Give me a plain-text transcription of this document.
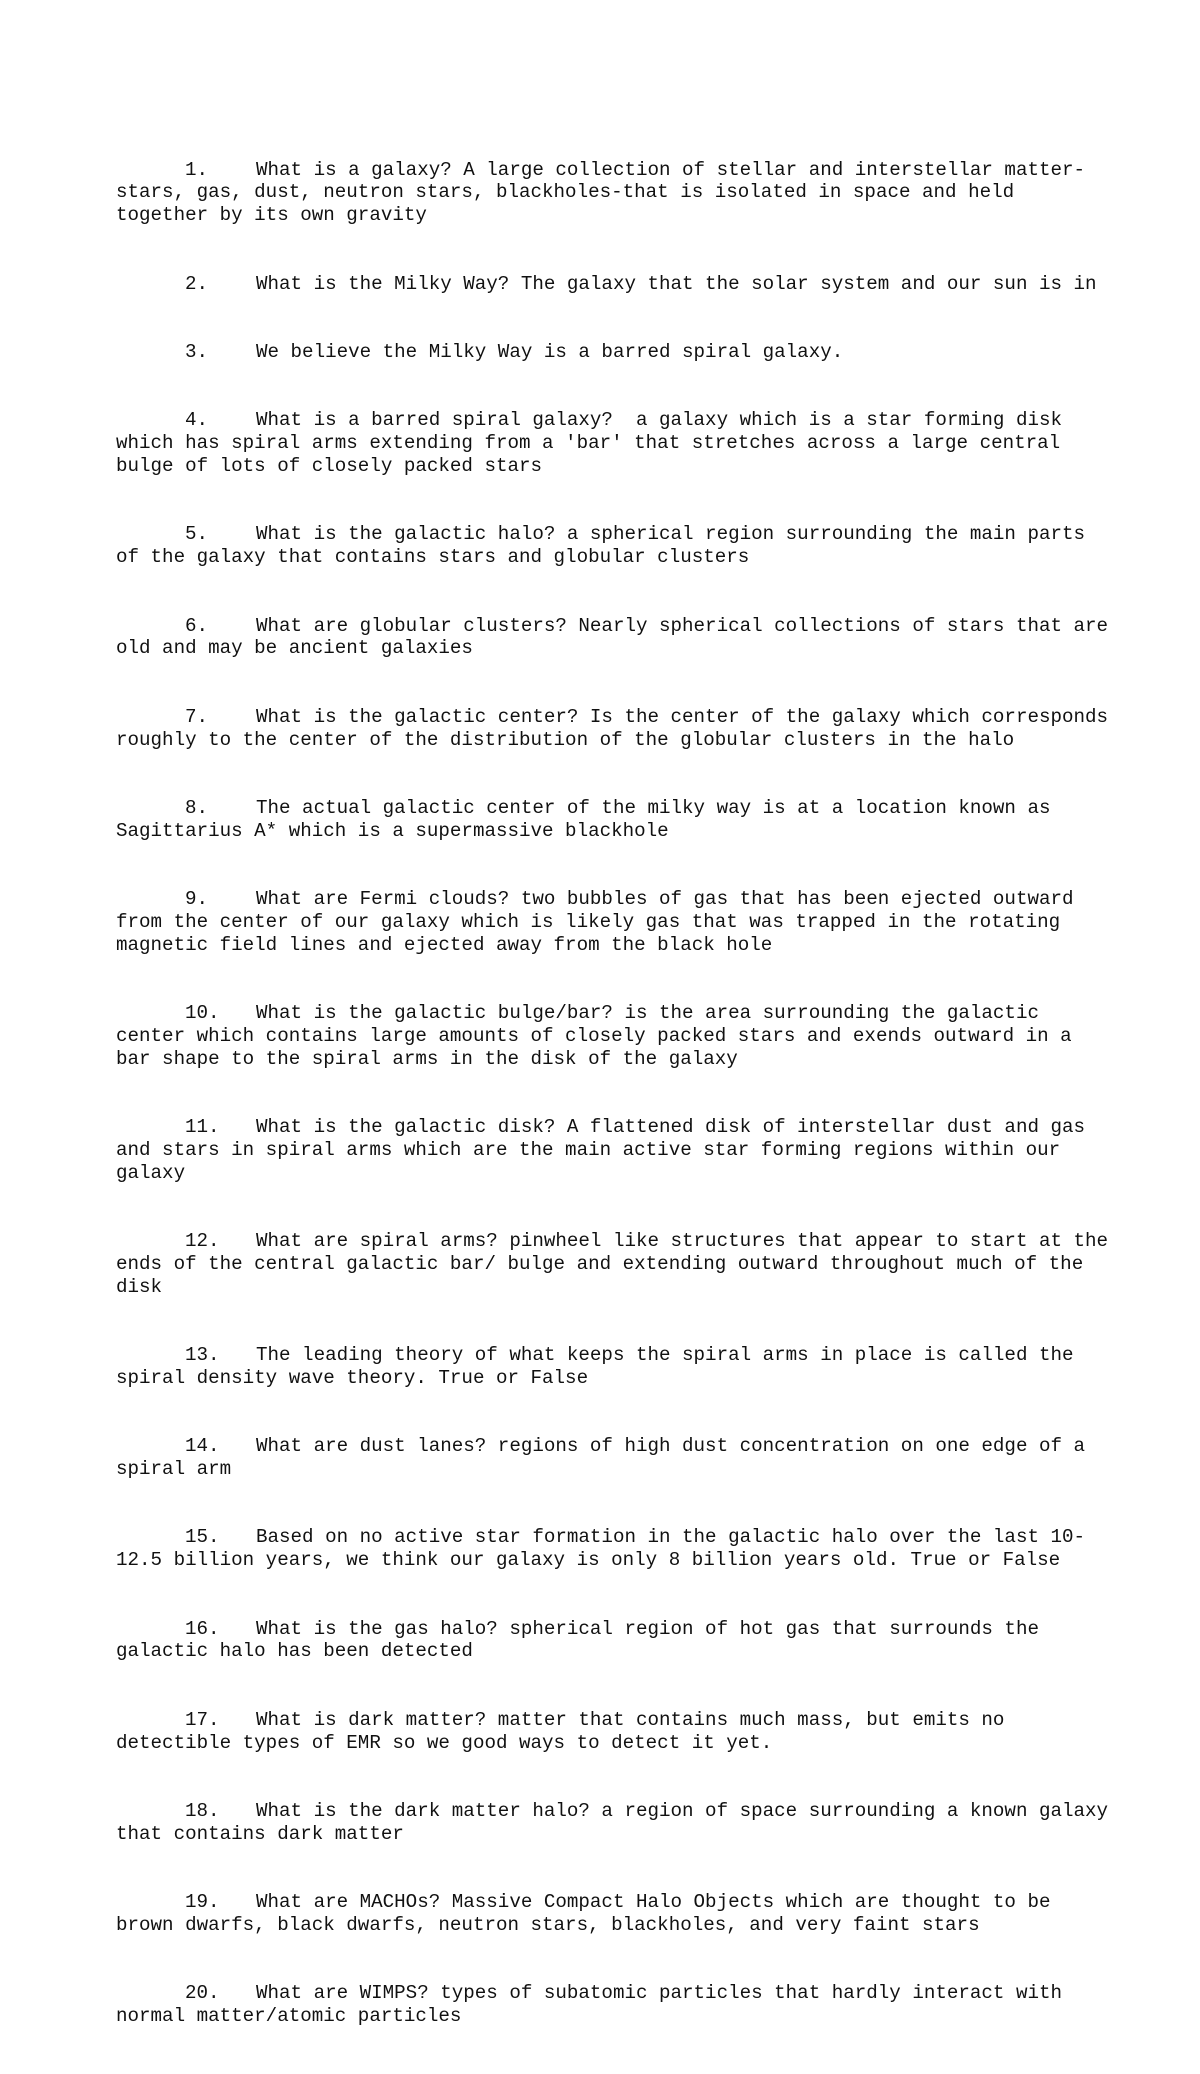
1. What is a galaxy? A large collection of stellar and interstellar matter-stars, gas, dust, neutron stars, blackholes-that is isolated in space and held together by its own gravity

2. What is the Milky Way? The galaxy that the solar system and our sun is in

3. We believe the Milky Way is a barred spiral galaxy.

4. What is a barred spiral galaxy?  a galaxy which is a star forming disk which has spiral arms extending from a 'bar' that stretches across a large central bulge of lots of closely packed stars

5. What is the galactic halo? a spherical region surrounding the main parts of the galaxy that contains stars and globular clusters

6. What are globular clusters? Nearly spherical collections of stars that are old and may be ancient galaxies

7. What is the galactic center? Is the center of the galaxy which corresponds roughly to the center of the distribution of the globular clusters in the halo

8. The actual galactic center of the milky way is at a location known as Sagittarius A* which is a supermassive blackhole

9. What are Fermi clouds? two bubbles of gas that has been ejected outward from the center of our galaxy which is likely gas that was trapped in the rotating magnetic field lines and ejected away from the black hole

10. What is the galactic bulge/bar? is the area surrounding the galactic center which contains large amounts of closely packed stars and exends outward in a bar shape to the spiral arms in the disk of the galaxy

11. What is the galactic disk? A flattened disk of interstellar dust and gas and stars in spiral arms which are the main active star forming regions within our galaxy

12. What are spiral arms? pinwheel like structures that appear to start at the ends of the central galactic bar/ bulge and extending outward throughout much of the disk

13. The leading theory of what keeps the spiral arms in place is called the spiral density wave theory. True or False

14. What are dust lanes? regions of high dust concentration on one edge of a spiral arm

15. Based on no active star formation in the galactic halo over the last 10-12.5 billion years, we think our galaxy is only 8 billion years old. True or False

16. What is the gas halo? spherical region of hot gas that surrounds the galactic halo has been detected

17. What is dark matter? matter that contains much mass, but emits no detectible types of EMR so we good ways to detect it yet.

18. What is the dark matter halo? a region of space surrounding a known galaxy that contains dark matter

19. What are MACHOs? Massive Compact Halo Objects which are thought to be brown dwarfs, black dwarfs, neutron stars, blackholes, and very faint stars

20. What are WIMPS? types of subatomic particles that hardly interact with normal matter/atomic particles
